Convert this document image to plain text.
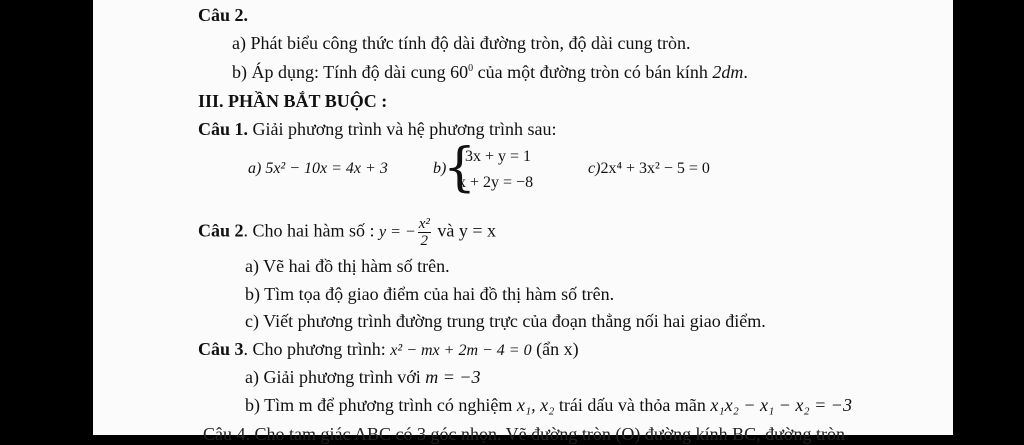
Câu 2.
a) Phát biểu công thức tính độ dài đường tròn, độ dài cung tròn.
b) Áp dụng: Tính độ dài cung $60^0$ của một đường tròn có bán kính 2dm.
III. PHẦN BẮT BUỘC :
Câu 1. Giải phương trình và hệ phương trình sau:
a) 5x² − 10x = 4x + 3	b)
{
3x + y = 1
x + 2y = −8
c)2x⁴ + 3x² − 5 = 0
Câu 2. Cho hai hàm số : y = − $\frac{\text{x²}}{2}$ và y = x
a) Vẽ hai đồ thị hàm số trên.
b) Tìm tọa độ giao điểm của hai đồ thị hàm số trên.
c) Viết phương trình đường trung trực của đoạn thẳng nối hai giao điểm.
Câu 3. Cho phương trình: x² − mx + 2m − 4 = 0 (ẩn x)
a) Giải phương trình với m = −3
b) Tìm m để phương trình có nghiệm x₁, x₂ trái dấu và thỏa mãn x₁x₂ − x₁ − x₂ = −3
Câu 4. Cho tam giác ABC có 3 góc nhọn. Vẽ đường tròn (O) đường kính BC, đường tròn
